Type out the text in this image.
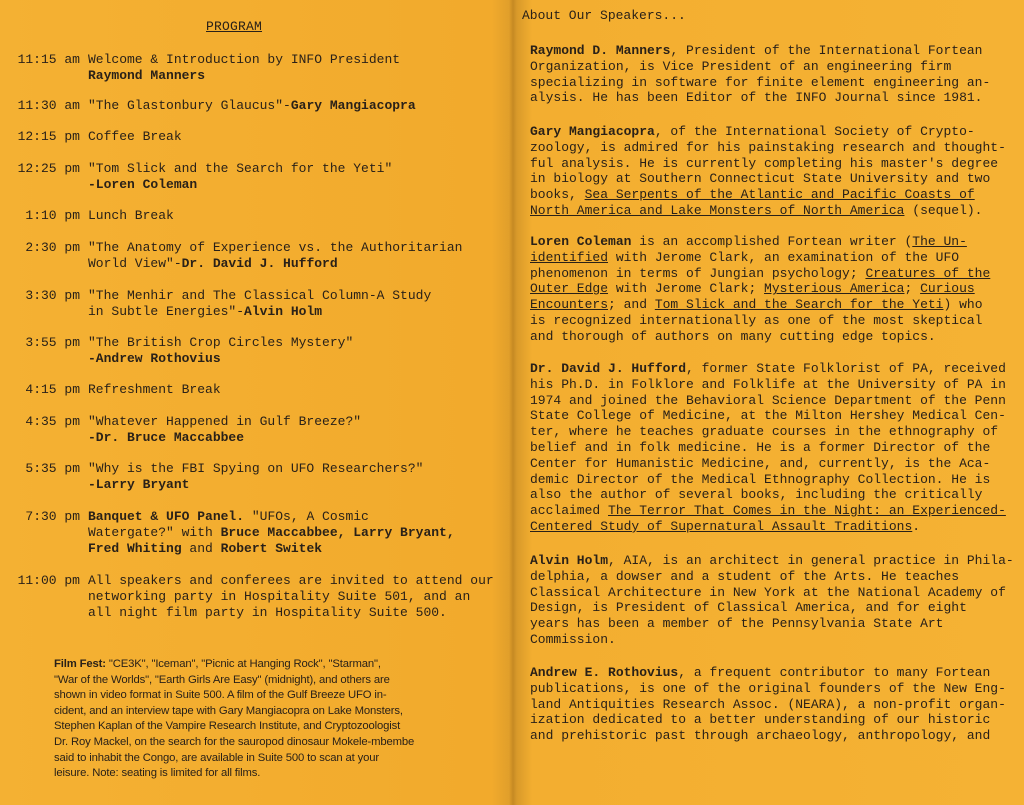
PROGRAM
11:15 am Welcome & Introduction by INFO President
Raymond Manners
11:30 am "The Glastonbury Glaucus"-Gary Mangiacopra
12:15 pm Coffee Break
12:25 pm "Tom Slick and the Search for the Yeti"
-Loren Coleman
1:10 pm Lunch Break
2:30 pm "The Anatomy of Experience vs. the Authoritarian
World View"-Dr. David J. Hufford
3:30 pm "The Menhir and The Classical Column-A Study
in Subtle Energies"-Alvin Holm
3:55 pm "The British Crop Circles Mystery"
-Andrew Rothovius
4:15 pm Refreshment Break
4:35 pm "Whatever Happened in Gulf Breeze?"
-Dr. Bruce Maccabbee
5:35 pm "Why is the FBI Spying on UFO Researchers?"
-Larry Bryant
7:30 pm Banquet & UFO Panel. "UFOs, A Cosmic
Watergate?" with Bruce Maccabbee, Larry Bryant,
Fred Whiting and Robert Switek
11:00 pm All speakers and conferees are invited to attend our
networking party in Hospitality Suite 501, and an
all night film party in Hospitality Suite 500.
Film Fest: "CE3K", "Iceman", "Picnic at Hanging Rock", "Starman",
"War of the Worlds", "Earth Girls Are Easy" (midnight), and others are
shown in video format in Suite 500. A film of the Gulf Breeze UFO in-
cident, and an interview tape with Gary Mangiacopra on Lake Monsters,
Stephen Kaplan of the Vampire Research Institute, and Cryptozoologist
Dr. Roy Mackel, on the search for the sauropod dinosaur Mokele-mbembe
said to inhabit the Congo, are available in Suite 500 to scan at your
leisure. Note: seating is limited for all films.
About Our Speakers...
Raymond D. Manners, President of the International Fortean
Organization, is Vice President of an engineering firm
specializing in software for finite element engineering an-
alysis. He has been Editor of the INFO Journal since 1981.
Gary Mangiacopra, of the International Society of Crypto-
zoology, is admired for his painstaking research and thought-
ful analysis. He is currently completing his master's degree
in biology at Southern Connecticut State University and two
books, Sea Serpents of the Atlantic and Pacific Coasts of
North America and Lake Monsters of North America (sequel).
Loren Coleman is an accomplished Fortean writer (The Un-
identified with Jerome Clark, an examination of the UFO
phenomenon in terms of Jungian psychology; Creatures of the
Outer Edge with Jerome Clark; Mysterious America; Curious
Encounters; and Tom Slick and the Search for the Yeti) who
is recognized internationally as one of the most skeptical
and thorough of authors on many cutting edge topics.
Dr. David J. Hufford, former State Folklorist of PA, received
his Ph.D. in Folklore and Folklife at the University of PA in
1974 and joined the Behavioral Science Department of the Penn
State College of Medicine, at the Milton Hershey Medical Cen-
ter, where he teaches graduate courses in the ethnography of
belief and in folk medicine. He is a former Director of the
Center for Humanistic Medicine, and, currently, is the Aca-
demic Director of the Medical Ethnography Collection. He is
also the author of several books, including the critically
acclaimed The Terror That Comes in the Night: an Experienced-
Centered Study of Supernatural Assault Traditions.
Alvin Holm, AIA, is an architect in general practice in Phila-
delphia, a dowser and a student of the Arts. He teaches
Classical Architecture in New York at the National Academy of
Design, is President of Classical America, and for eight
years has been a member of the Pennsylvania State Art
Commission.
Andrew E. Rothovius, a frequent contributor to many Fortean
publications, is one of the original founders of the New Eng-
land Antiquities Research Assoc. (NEARA), a non-profit organ-
ization dedicated to a better understanding of our historic
and prehistoric past through archaeology, anthropology, and
